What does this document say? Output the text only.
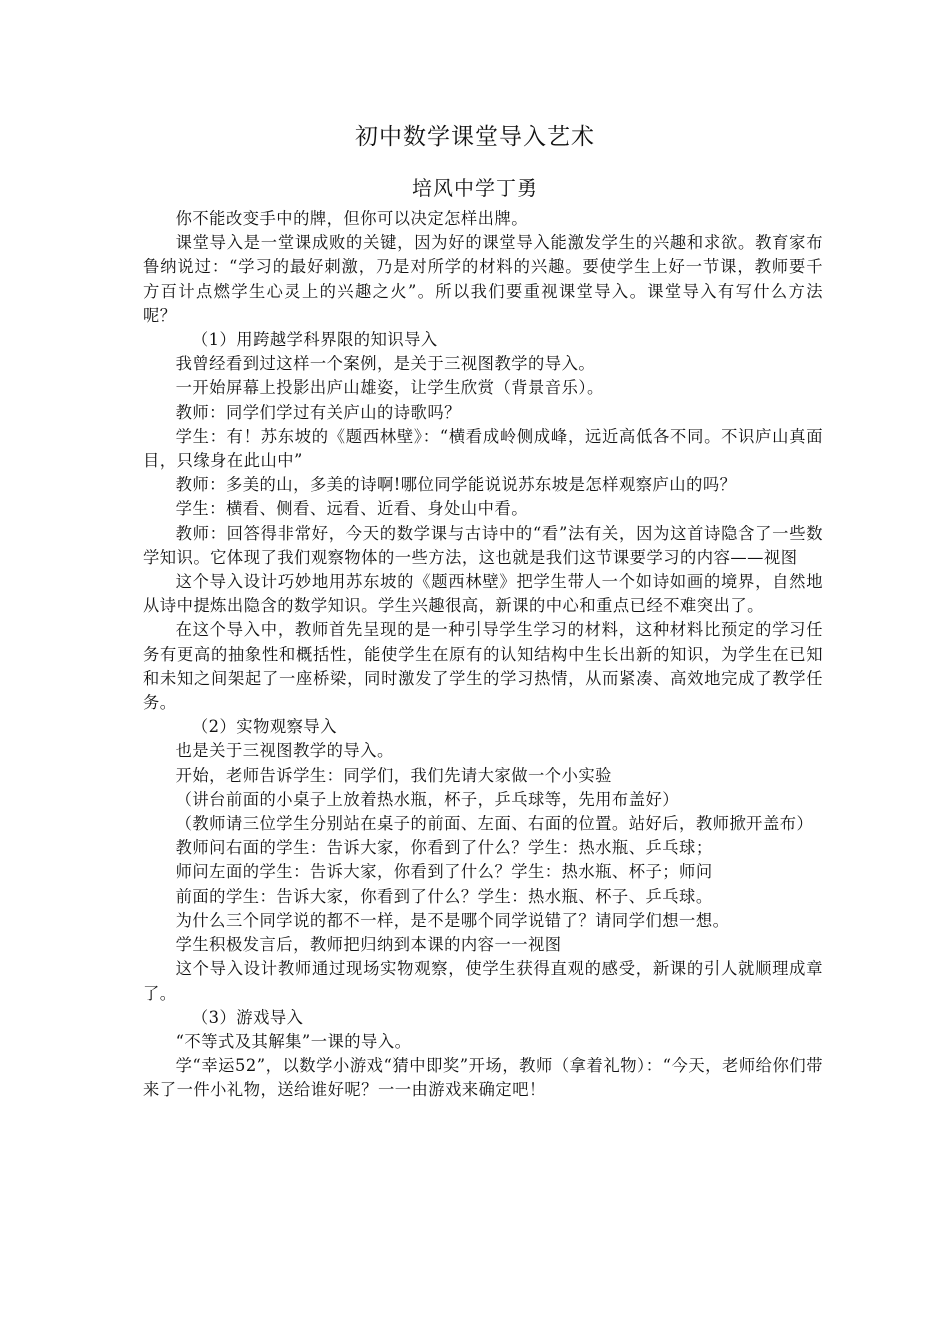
初中数学课堂导入艺术
培风中学丁勇

你不能改变手中的牌，但你可以决定怎样出牌。

课堂导入是一堂课成败的关键，因为好的课堂导入能激发学生的兴趣和求欲。教育家布鲁纳说过：“学习的最好刺激，乃是对所学的材料的兴趣。要使学生上好一节课，教师要千方百计点燃学生心灵上的兴趣之火”。所以我们要重视课堂导入。课堂导入有写什么方法呢？

（1）用跨越学科界限的知识导入

我曾经看到过这样一个案例，是关于三视图教学的导入。

一开始屏幕上投影出庐山雄姿，让学生欣赏（背景音乐）。

教师：同学们学过有关庐山的诗歌吗？

学生：有！苏东坡的《题西林壁》：“横看成岭侧成峰，远近高低各不同。不识庐山真面目，只缘身在此山中”

教师：多美的山，多美的诗啊!哪位同学能说说苏东坡是怎样观察庐山的吗？

学生：横看、侧看、远看、近看、身处山中看。

教师：回答得非常好，今天的数学课与古诗中的“看”法有关，因为这首诗隐含了一些数学知识。它体现了我们观察物体的一些方法，这也就是我们这节课要学习的内容——视图

这个导入设计巧妙地用苏东坡的《题西林壁》把学生带人一个如诗如画的境界，自然地从诗中提炼出隐含的数学知识。学生兴趣很高，新课的中心和重点已经不难突出了。

在这个导入中，教师首先呈现的是一种引导学生学习的材料，这种材料比预定的学习任务有更高的抽象性和概括性，能使学生在原有的认知结构中生长出新的知识，为学生在已知和未知之间架起了一座桥梁，同时激发了学生的学习热情，从而紧凑、高效地完成了教学任务。

（2）实物观察导入

也是关于三视图教学的导入。

开始，老师告诉学生：同学们，我们先请大家做一个小实验

（讲台前面的小桌子上放着热水瓶，杯子，乒乓球等，先用布盖好）

（教师请三位学生分别站在桌子的前面、左面、右面的位置。站好后，教师掀开盖布）

教师问右面的学生：告诉大家，你看到了什么？学生：热水瓶、乒乓球；

师问左面的学生：告诉大家，你看到了什么？学生：热水瓶、杯子；师问

前面的学生：告诉大家，你看到了什么？学生：热水瓶、杯子、乒乓球。

为什么三个同学说的都不一样，是不是哪个同学说错了？请同学们想一想。

学生积极发言后，教师把归纳到本课的内容一一视图

这个导入设计教师通过现场实物观察，使学生获得直观的感受，新课的引人就顺理成章了。

（3）游戏导入

“不等式及其解集”一课的导入。

学“幸运52”，以数学小游戏“猜中即奖”开场，教师（拿着礼物）：“今天，老师给你们带来了一件小礼物，送给谁好呢？一一由游戏来确定吧！
